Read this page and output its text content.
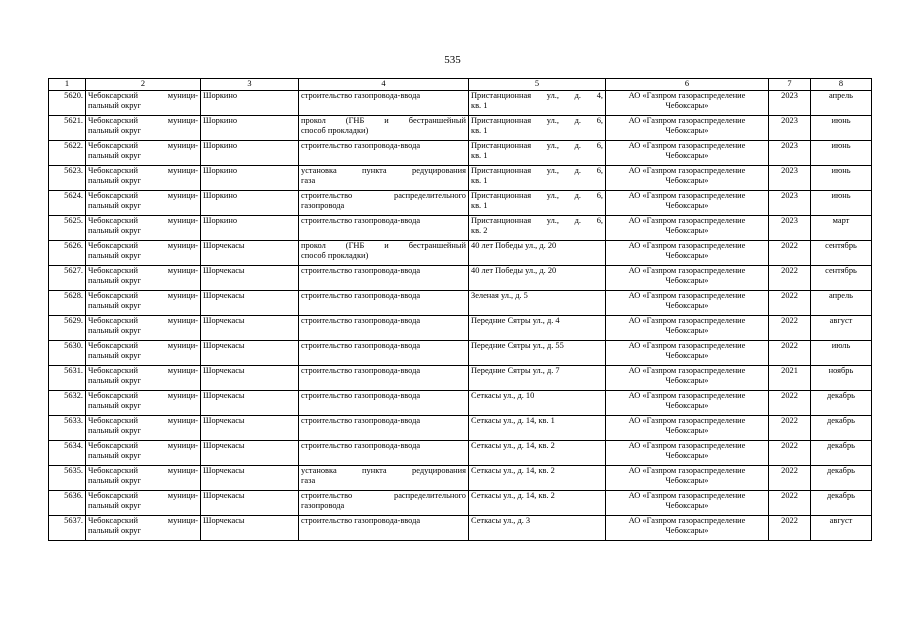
535
1	2	3	4	5	6	7	8
5620.	Чебоксарский муници-
пальный округ	Шоркино	строительство газопровода-ввода	Пристанционная ул., д. 4,
кв. 1	АО «Газпром газораспределение
Чебоксары»	2023	апрель
5621.	Чебоксарский муници-
пальный округ	Шоркино	прокол (ГНБ и бестраншейный
способ прокладки)	Пристанционная ул., д. 6,
кв. 1	АО «Газпром газораспределение
Чебоксары»	2023	июнь
5622.	Чебоксарский муници-
пальный округ	Шоркино	строительство газопровода-ввода	Пристанционная ул., д. 6,
кв. 1	АО «Газпром газораспределение
Чебоксары»	2023	июнь
5623.	Чебоксарский муници-
пальный округ	Шоркино	установка пункта редуцирования
газа	Пристанционная ул., д. 6,
кв. 1	АО «Газпром газораспределение
Чебоксары»	2023	июнь
5624.	Чебоксарский муници-
пальный округ	Шоркино	строительство распределительного
газопровода	Пристанционная ул., д. 6,
кв. 1	АО «Газпром газораспределение
Чебоксары»	2023	июнь
5625.	Чебоксарский муници-
пальный округ	Шоркино	строительство газопровода-ввода	Пристанционная ул., д. 6,
кв. 2	АО «Газпром газораспределение
Чебоксары»	2023	март
5626.	Чебоксарский муници-
пальный округ	Шорчекасы	прокол (ГНБ и бестраншейный
способ прокладки)	40 лет Победы ул., д. 20	АО «Газпром газораспределение
Чебоксары»	2022	сентябрь
5627.	Чебоксарский муници-
пальный округ	Шорчекасы	строительство газопровода-ввода	40 лет Победы ул., д. 20	АО «Газпром газораспределение
Чебоксары»	2022	сентябрь
5628.	Чебоксарский муници-
пальный округ	Шорчекасы	строительство газопровода-ввода	Зеленая ул., д. 5	АО «Газпром газораспределение
Чебоксары»	2022	апрель
5629.	Чебоксарский муници-
пальный округ	Шорчекасы	строительство газопровода-ввода	Передние Сятры ул., д. 4	АО «Газпром газораспределение
Чебоксары»	2022	август
5630.	Чебоксарский муници-
пальный округ	Шорчекасы	строительство газопровода-ввода	Передние Сятры ул., д. 55	АО «Газпром газораспределение
Чебоксары»	2022	июль
5631.	Чебоксарский муници-
пальный округ	Шорчекасы	строительство газопровода-ввода	Передние Сятры ул., д. 7	АО «Газпром газораспределение
Чебоксары»	2021	ноябрь
5632.	Чебоксарский муници-
пальный округ	Шорчекасы	строительство газопровода-ввода	Сеткасы ул., д. 10	АО «Газпром газораспределение
Чебоксары»	2022	декабрь
5633.	Чебоксарский муници-
пальный округ	Шорчекасы	строительство газопровода-ввода	Сеткасы ул., д. 14, кв. 1	АО «Газпром газораспределение
Чебоксары»	2022	декабрь
5634.	Чебоксарский муници-
пальный округ	Шорчекасы	строительство газопровода-ввода	Сеткасы ул., д. 14, кв. 2	АО «Газпром газораспределение
Чебоксары»	2022	декабрь
5635.	Чебоксарский муници-
пальный округ	Шорчекасы	установка пункта редуцирования
газа	Сеткасы ул., д. 14, кв. 2	АО «Газпром газораспределение
Чебоксары»	2022	декабрь
5636.	Чебоксарский муници-
пальный округ	Шорчекасы	строительство распределительного
газопровода	Сеткасы ул., д. 14, кв. 2	АО «Газпром газораспределение
Чебоксары»	2022	декабрь
5637.	Чебоксарский муници-
пальный округ	Шорчекасы	строительство газопровода-ввода	Сеткасы ул., д. 3	АО «Газпром газораспределение
Чебоксары»	2022	август
